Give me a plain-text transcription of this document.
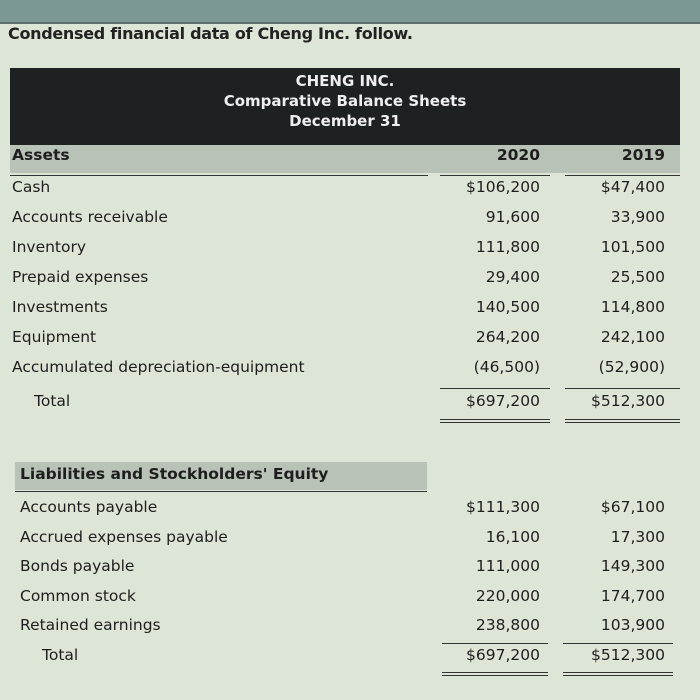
Condensed financial data of Cheng Inc. follow.
CHENG INC.
Comparative Balance Sheets
December 31
Assets	2020	2019
Cash	$106,200	$47,400
Accounts receivable	91,600	33,900
Inventory	111,800	101,500
Prepaid expenses	29,400	25,500
Investments	140,500	114,800
Equipment	264,200	242,100
Accumulated depreciation-equipment	(46,500)	(52,900)
Total	$697,200	$512,300
Liabilities and Stockholders' Equity
Accounts payable	$111,300	$67,100
Accrued expenses payable	16,100	17,300
Bonds payable	111,000	149,300
Common stock	220,000	174,700
Retained earnings	238,800	103,900
Total	$697,200	$512,300
